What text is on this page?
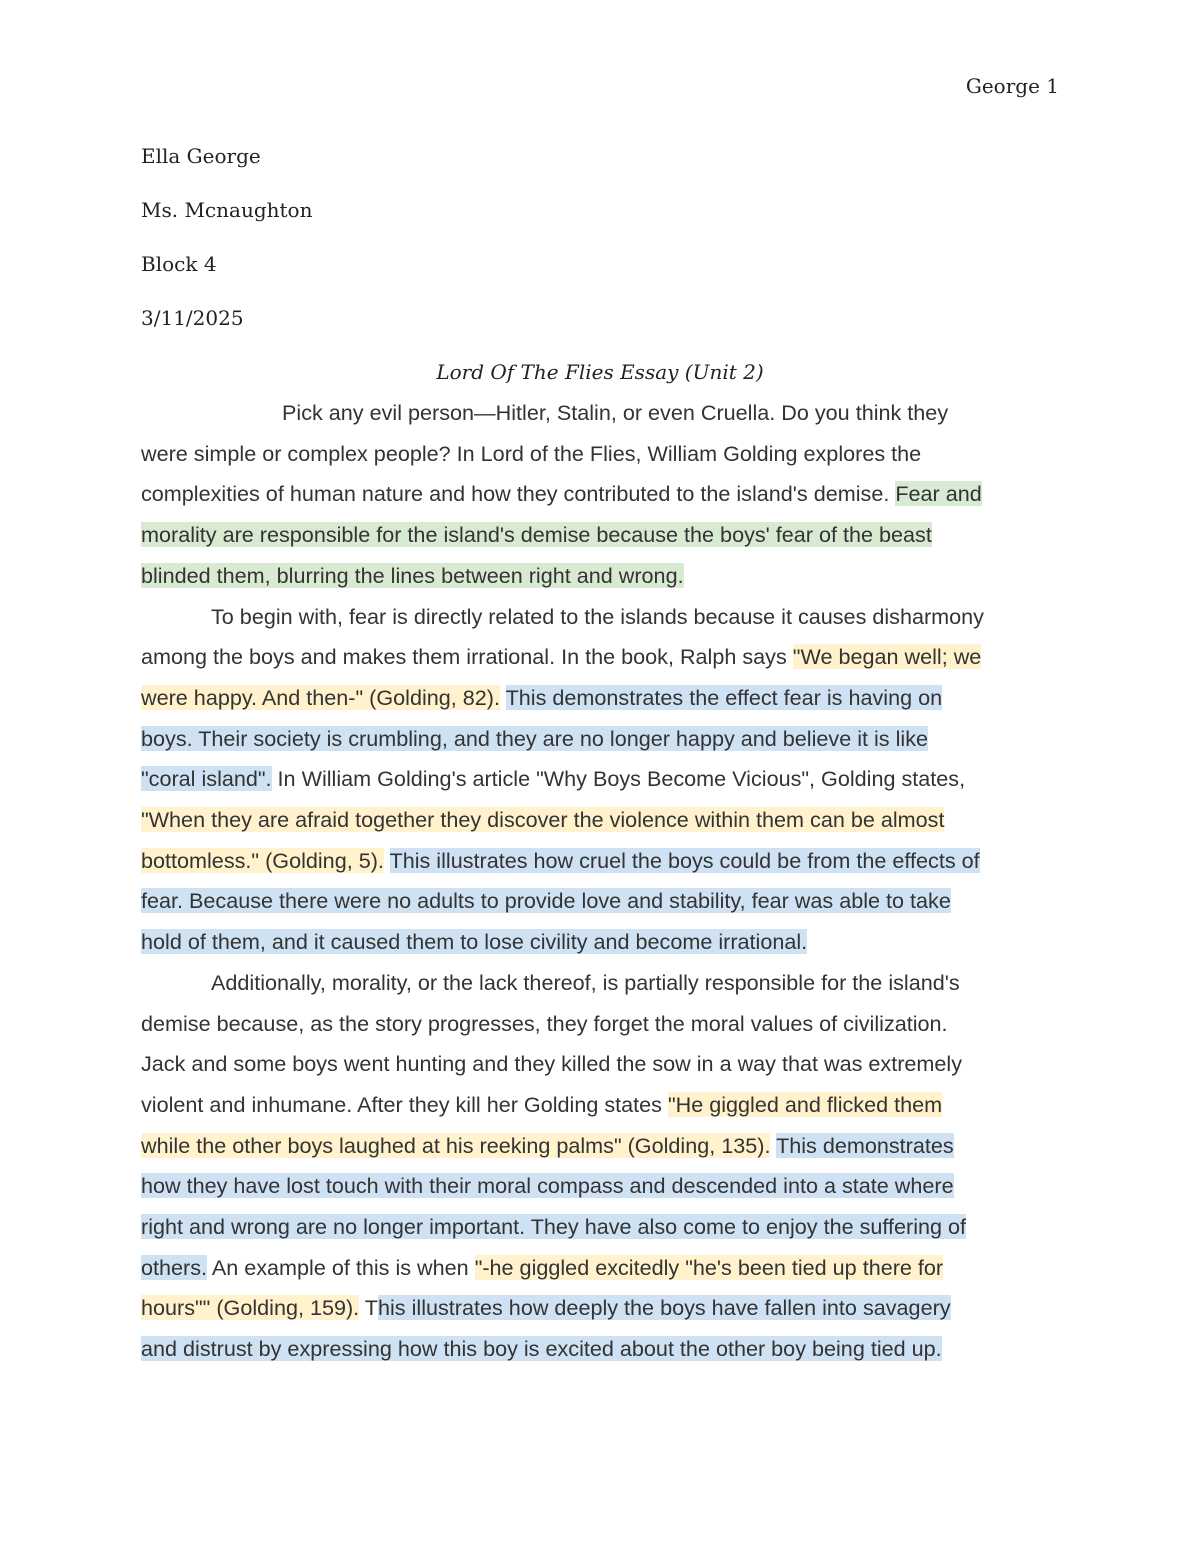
George 1
Ella George
Ms. Mcnaughton
Block 4
3/11/2025
Lord Of The Flies Essay (Unit 2)
Pick any evil person—Hitler, Stalin, or even Cruella. Do you think they
were simple or complex people? In Lord of the Flies, William Golding explores the
complexities of human nature and how they contributed to the island's demise. Fear and
morality are responsible for the island's demise because the boys' fear of the beast
blinded them, blurring the lines between right and wrong.
To begin with, fear is directly related to the islands because it causes disharmony
among the boys and makes them irrational. In the book, Ralph says "We began well; we
were happy. And then-" (Golding, 82). This demonstrates the effect fear is having on
boys. Their society is crumbling, and they are no longer happy and believe it is like
"coral island". In William Golding's article "Why Boys Become Vicious", Golding states,
"When they are afraid together they discover the violence within them can be almost
bottomless." (Golding, 5). This illustrates how cruel the boys could be from the effects of
fear. Because there were no adults to provide love and stability, fear was able to take
hold of them, and it caused them to lose civility and become irrational.
Additionally, morality, or the lack thereof, is partially responsible for the island's
demise because, as the story progresses, they forget the moral values of civilization.
Jack and some boys went hunting and they killed the sow in a way that was extremely
violent and inhumane. After they kill her Golding states "He giggled and flicked them
while the other boys laughed at his reeking palms" (Golding, 135). This demonstrates
how they have lost touch with their moral compass and descended into a state where
right and wrong are no longer important. They have also come to enjoy the suffering of
others. An example of this is when "-he giggled excitedly "he's been tied up there for
hours"" (Golding, 159). This illustrates how deeply the boys have fallen into savagery
and distrust by expressing how this boy is excited about the other boy being tied up.
